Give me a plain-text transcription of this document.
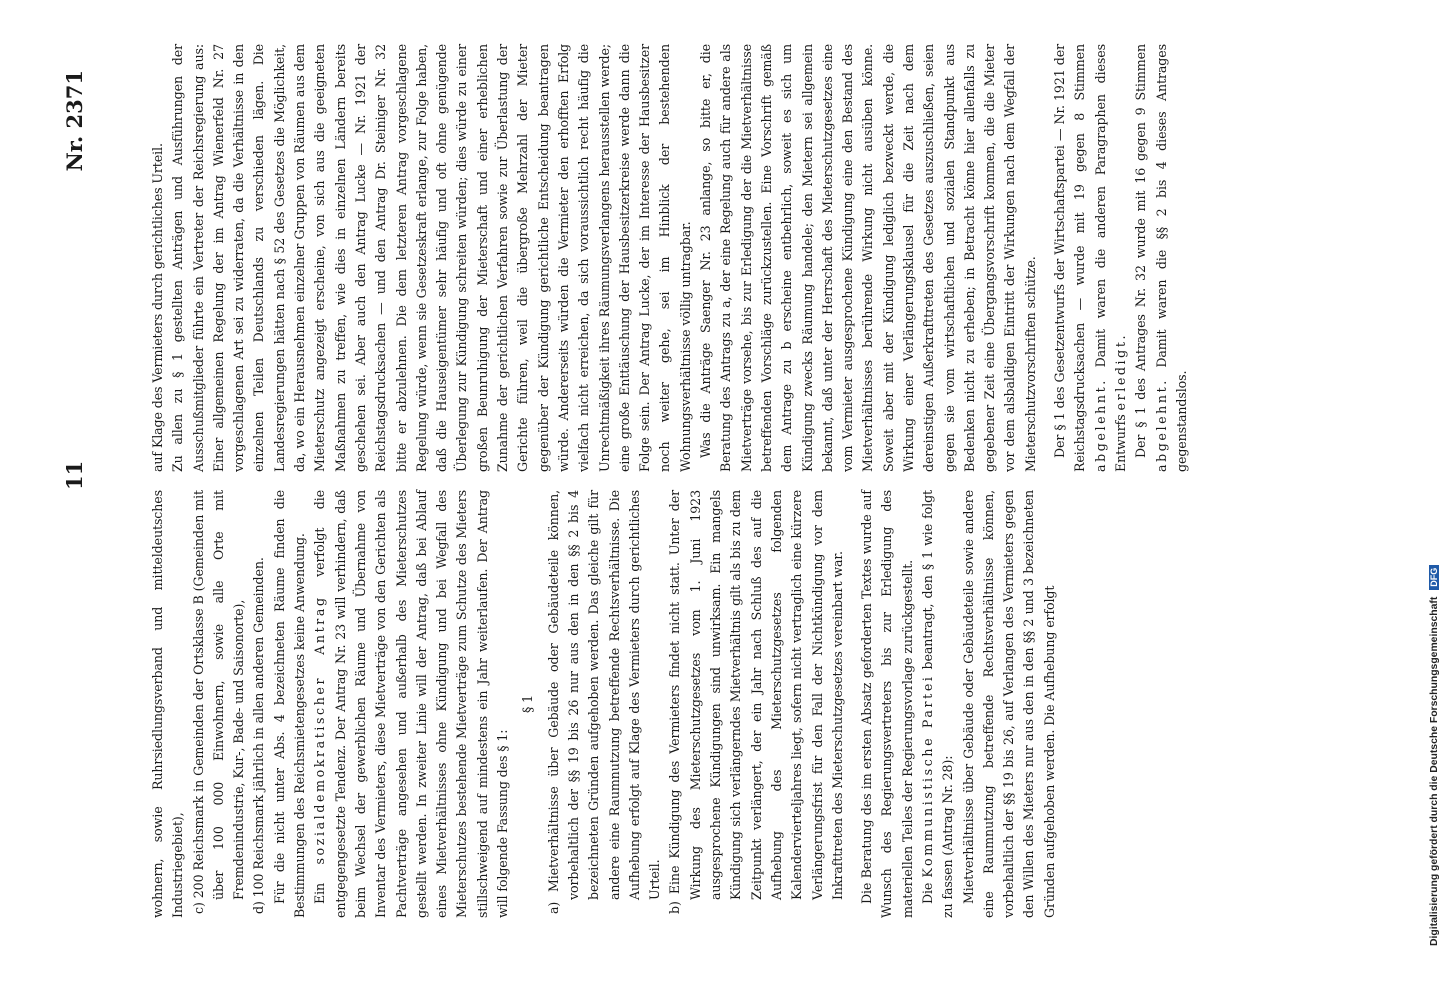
11
Nr. 2371

wohnern, sowie Ruhrsiedlungsverband und mitteldeutsches Industriegebiet), c) 200 Reichsmark in Gemeinden der Ortsklasse B (Gemeinden mit über 100 000 Einwohnern, sowie alle Orte mit Fremdenindustrie, Kur-, Bade- und Saisonorte), d) 100 Reichsmark jährlich in allen anderen Gemeinden. Für die nicht unter Abs. 4 bezeichneten Räume finden die Bestimmungen des Reichsmietengesetzes keine Anwendung. Ein sozialdemokratischer Antrag verfolgt die entgegengesetzte Tendenz. Der Antrag Nr. 23 will verhindern, daß beim Wechsel der gewerblichen Räume und Übernahme von Inventar des Vermieters, diese Mietverträge von den Gerichten als Pachtverträge angesehen und außerhalb des Mieterschutzes gestellt werden. In zweiter Linie will der Antrag, daß bei Ablauf eines Mietverhältnisses ohne Kündigung und bei Wegfall des Mieterschutzes bestehende Mietverträge zum Schutze des Mieters stillschweigend auf mindestens ein Jahr weiterlaufen. Der Antrag will folgende Fassung des § 1:

§ 1 a) Mietverhältnisse über Gebäude oder Gebäudeteile können, vorbehaltlich der §§ 19 bis 26 nur aus den in den §§ 2 bis 4 bezeichneten Gründen aufgehoben werden. Das gleiche gilt für andere eine Raumnutzung betreffende Rechtsverhältnisse. Die Aufhebung erfolgt auf Klage des Vermieters durch gerichtliches Urteil. b) Eine Kündigung des Vermieters findet nicht statt. Unter der Wirkung des Mieterschutzgesetzes vom 1. Juni 1923 ausgesprochene Kündigungen sind unwirksam. Ein mangels Kündigung sich verlängerndes Mietverhältnis gilt als bis zu dem Zeitpunkt verlängert, der ein Jahr nach Schluß des auf die Aufhebung des Mieterschutzgesetzes folgenden Kalendervierteljahres liegt, sofern nicht vertraglich eine kürzere Verlängerungsfrist für den Fall der Nichtkündigung vor dem Inkrafttreten des Mieterschutzgesetzes vereinbart war. Die Beratung des im ersten Absatz geforderten Textes wurde auf Wunsch des Regierungsvertreters bis zur Erledigung des materiellen Teiles der Regierungsvorlage zurückgestellt. Die Kommunistische Partei beantragt, den § 1 wie folgt zu fassen (Antrag Nr. 28): Mietverhältnisse über Gebäude oder Gebäudeteile sowie andere eine Raumnutzung betreffende Rechtsverhältnisse können, vorbehaltlich der §§ 19 bis 26, auf Verlangen des Vermieters gegen den Willen des Mieters nur aus den in den §§ 2 und 3 bezeichneten Gründen aufgehoben werden. Die Aufhebung erfolgt

auf Klage des Vermieters durch gerichtliches Urteil. Zu allen zu § 1 gestellten Anträgen und Ausführungen der Ausschußmitglieder führte ein Vertreter der Reichsregierung aus: Einer allgemeinen Regelung der im Antrag Wienerfeld Nr. 27 vorgeschlagenen Art sei zu widerraten, da die Verhältnisse in den einzelnen Teilen Deutschlands zu verschieden lägen. Die Landesregierungen hätten nach § 52 des Gesetzes die Möglichkeit, da, wo ein Herausnehmen einzelner Gruppen von Räumen aus dem Mieterschutz angezeigt erscheine, von sich aus die geeigneten Maßnahmen zu treffen, wie dies in einzelnen Ländern bereits geschehen sei. Aber auch den Antrag Lucke — Nr. 1921 der Reichstagsdrucksachen — und den Antrag Dr. Steiniger Nr. 32 bitte er abzulehnen. Die dem letzteren Antrag vorgeschlagene Regelung würde, wenn sie Gesetzeskraft erlange, zur Folge haben, daß die Hauseigentümer sehr häufig und oft ohne genügende Überlegung zur Kündigung schreiten würden; dies würde zu einer großen Beunruhigung der Mieterschaft und einer erheblichen Zunahme der gerichtlichen Verfahren sowie zur Überlastung der Gerichte führen, weil die übergroße Mehrzahl der Mieter gegenüber der Kündigung gerichtliche Entscheidung beantragen würde. Andererseits würden die Vermieter den erhofften Erfolg vielfach nicht erreichen, da sich voraussichtlich recht häufig die Unrechtmäßigkeit ihres Räumungsverlangens herausstellen werde; eine große Enttäuschung der Hausbesitzerkreise werde dann die Folge sein. Der Antrag Lucke, der im Interesse der Hausbesitzer noch weiter gehe, sei im Hinblick der bestehenden Wohnungsverhältnisse völlig untragbar. Was die Anträge Saenger Nr. 23 anlange, so bitte er, die Beratung des Antrags zu a, der eine Regelung auch für andere als Mietverträge vorsehe, bis zur Erledigung der die Mietverhältnisse betreffenden Vorschläge zurückzustellen. Eine Vorschrift gemäß dem Antrage zu b erscheine entbehrlich, soweit es sich um Kündigung zwecks Räumung handele; den Mietern sei allgemein bekannt, daß unter der Herrschaft des Mieterschutzgesetzes eine vom Vermieter ausgesprochene Kündigung eine den Bestand des Mietverhältnisses berührende Wirkung nicht ausüben könne. Soweit aber mit der Kündigung lediglich bezweckt werde, die Wirkung einer Verlängerungsklausel für die Zeit nach dem dereinstigen Außerkrafttreten des Gesetzes auszuschließen, seien gegen sie vom wirtschaftlichen und sozialen Standpunkt aus Bedenken nicht zu erheben; in Betracht könne hier allenfalls zu gegebener Zeit eine Übergangsvorschrift kommen, die die Mieter vor dem alsbaldigen Eintritt der Wirkungen nach dem Wegfall der Mieterschutzvorschriften schütze. Der § 1 des Gesetzentwurfs der Wirtschaftspartei — Nr. 1921 der Reichstagsdrucksachen — wurde mit 19 gegen 8 Stimmen abgelehnt. Damit waren die anderen Paragraphen dieses Entwurfs erledigt. Der § 1 des Antrages Nr. 32 wurde mit 16 gegen 9 Stimmen abgelehnt. Damit waren die §§ 2 bis 4 dieses Antrages gegenstandslos.

Digitalisierung gefördert durch die Deutsche Forschungsgemeinschaft DFG
